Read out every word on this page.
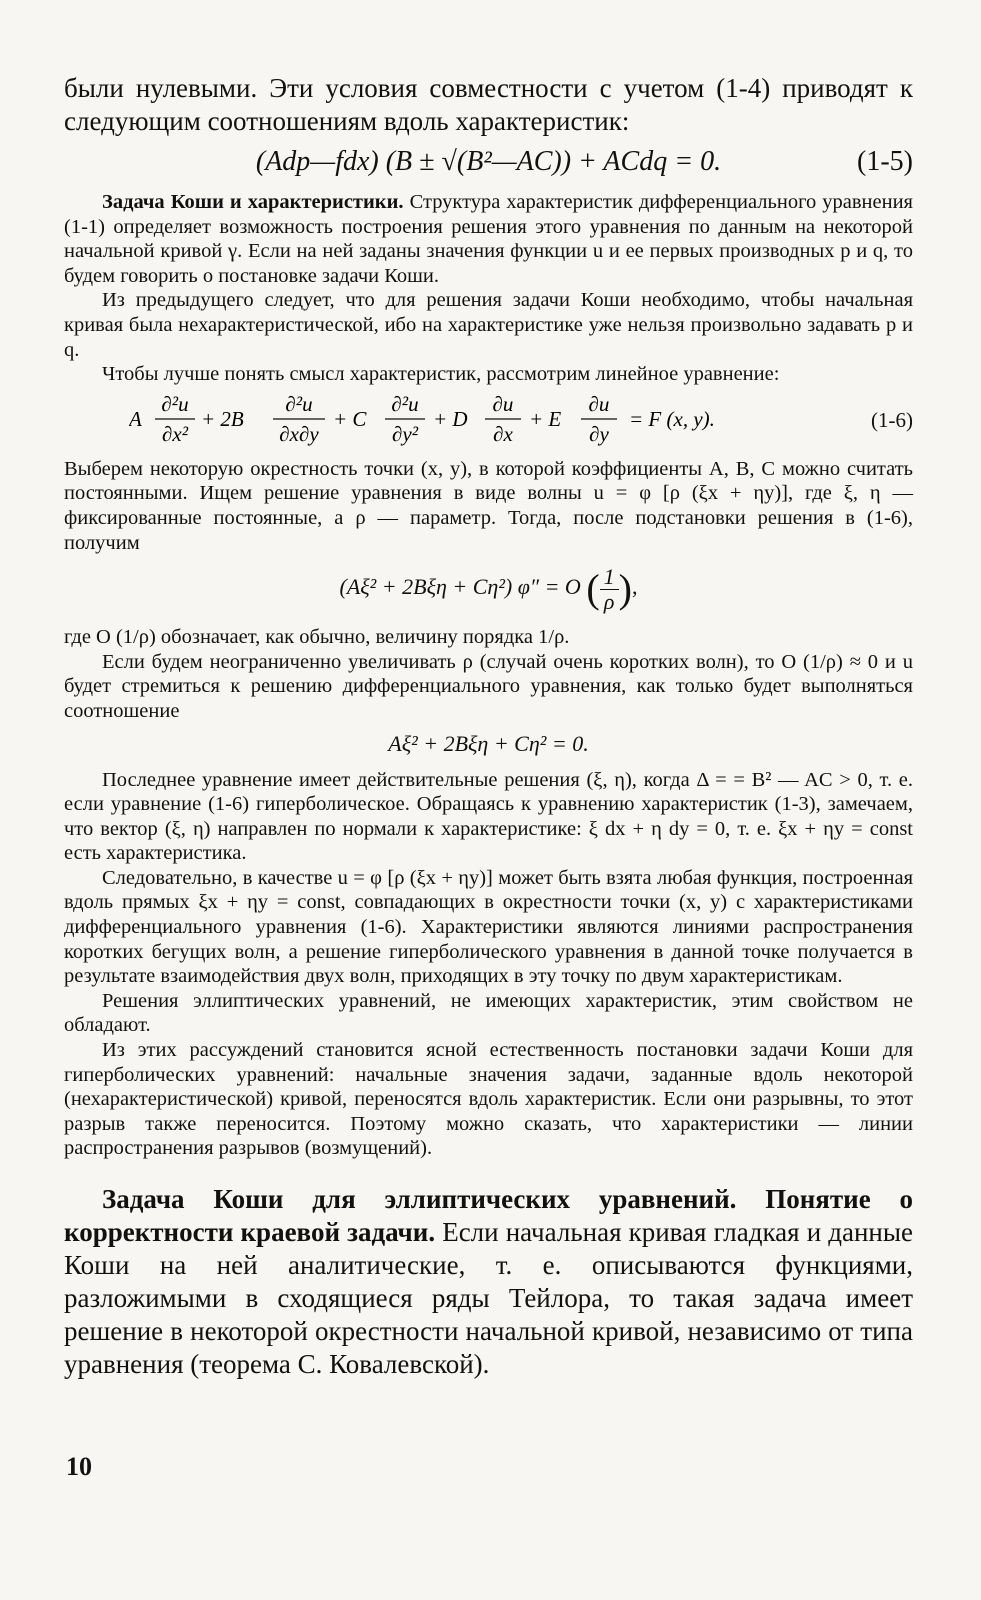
были нулевыми. Эти условия совместности с учетом (1-4) приводят к следующим соотношениям вдоль характеристик:

(Adp—fdx) (B ± √(B²—AC)) + ACdq = 0.	(1-5)

Задача Коши и характеристики. Структура характеристик дифференциального уравнения (1-1) определяет возможность построения решения этого уравнения по данным на некоторой начальной кривой γ. Если на ней заданы значения функции u и ее первых производных p и q, то будем говорить о постановке задачи Коши.

Из предыдущего следует, что для решения задачи Коши необходимо, чтобы начальная кривая была нехарактеристической, ибо на характеристике уже нельзя произвольно задавать p и q.

Чтобы лучше понять смысл характеристик, рассмотрим линейное уравнение:

A
∂²u
∂x²
+ 2B
∂²u
∂x∂y
+ C
∂²u
∂y²
+ D
∂u
∂x
+ E
∂u
∂y
= F (x, y).	(1-6)

Выберем некоторую окрестность точки (x, y), в которой коэффициенты A, B, C можно считать постоянными. Ищем решение уравнения в виде волны u = φ [ρ (ξx + ηy)], где ξ, η — фиксированные постоянные, а ρ — параметр. Тогда, после подстановки решения в (1-6), получим

(Aξ² + 2Bξη + Cη²) φ″ = O ( $\frac{1}{\rho}$ ),

где O (1/ρ) обозначает, как обычно, величину порядка 1/ρ.

Если будем неограниченно увеличивать ρ (случай очень коротких волн), то O (1/ρ) ≈ 0 и u будет стремиться к решению дифференциального уравнения, как только будет выполняться соотношение

Aξ² + 2Bξη + Cη² = 0.

Последнее уравнение имеет действительные решения (ξ, η), когда Δ = = B² — AC > 0, т. е. если уравнение (1-6) гиперболическое. Обращаясь к уравнению характеристик (1-3), замечаем, что вектор (ξ, η) направлен по нормали к характеристике: ξ dx + η dy = 0, т. е. ξx + ηy = const есть характеристика.

Следовательно, в качестве u = φ [ρ (ξx + ηy)] может быть взята любая функция, построенная вдоль прямых ξx + ηy = const, совпадающих в окрестности точки (x, y) с характеристиками дифференциального уравнения (1-6). Характеристики являются линиями распространения коротких бегущих волн, а решение гиперболического уравнения в данной точке получается в результате взаимодействия двух волн, приходящих в эту точку по двум характеристикам.

Решения эллиптических уравнений, не имеющих характеристик, этим свойством не обладают.

Из этих рассуждений становится ясной естественность постановки задачи Коши для гиперболических уравнений: начальные значения задачи, заданные вдоль некоторой (нехарактеристической) кривой, переносятся вдоль характеристик. Если они разрывны, то этот разрыв также переносится. Поэтому можно сказать, что характеристики — линии распространения разрывов (возмущений).

Задача Коши для эллиптических уравнений. Понятие о корректности краевой задачи. Если начальная кривая гладкая и данные Коши на ней аналитические, т. е. описываются функциями, разложимыми в сходящиеся ряды Тейлора, то такая задача имеет решение в некоторой окрестности начальной кривой, независимо от типа уравнения (теорема С. Ковалевской).

10
